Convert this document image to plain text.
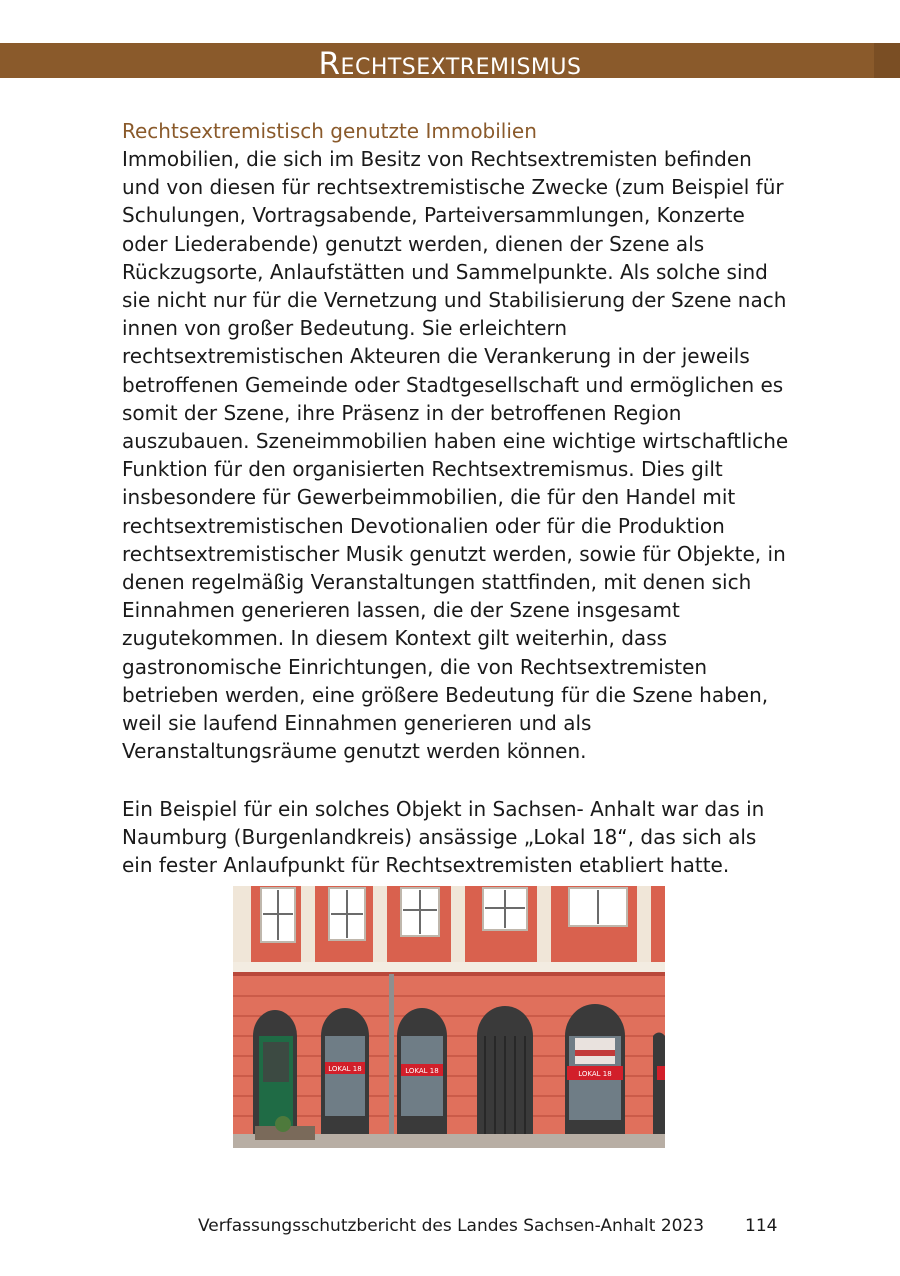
Rechtsextremismus
Rechtsextremistisch genutzte Immobilien
Immobilien, die sich im Besitz von Rechtsextremisten befinden und von diesen für rechtsextremistische Zwecke (zum Beispiel für Schulungen, Vortragsabende, Parteiversammlungen, Konzerte oder Liederabende) genutzt werden, dienen der Szene als Rückzugsorte, Anlaufstätten und Sammelpunkte. Als solche sind sie nicht nur für die Vernetzung und Stabilisierung der Szene nach innen von großer Bedeutung. Sie erleichtern rechtsextremistischen Akteuren die Verankerung in der jeweils betroffenen Gemeinde oder Stadtgesellschaft und ermöglichen es somit der Szene, ihre Präsenz in der betroffenen Region auszubauen. Szeneimmobilien haben eine wichtige wirtschaftliche Funktion für den organisierten Rechtsextremismus. Dies gilt insbesondere für Gewerbeimmobilien, die für den Handel mit rechtsextremistischen Devotionalien oder für die Produktion rechtsextremistischer Musik genutzt werden, sowie für Objekte, in denen regelmäßig Veranstaltungen stattfinden, mit denen sich Einnahmen generieren lassen, die der Szene insgesamt zugutekommen. In diesem Kontext gilt weiterhin, dass gastronomische Einrichtungen, die von Rechtsextremisten betrieben werden, eine größere Bedeutung für die Szene haben, weil sie laufend Einnahmen generieren und als Veranstaltungsräume genutzt werden können.
Ein Beispiel für ein solches Objekt in Sachsen- Anhalt war das in Naumburg (Burgenlandkreis) ansässige „Lokal 18“, das sich als ein fester Anlaufpunkt für Rechtsextremisten etabliert hatte.
LOKAL 18	LOKAL 18	LOKAL 18
Verfassungsschutzbericht des Landes Sachsen-Anhalt 2023 114
